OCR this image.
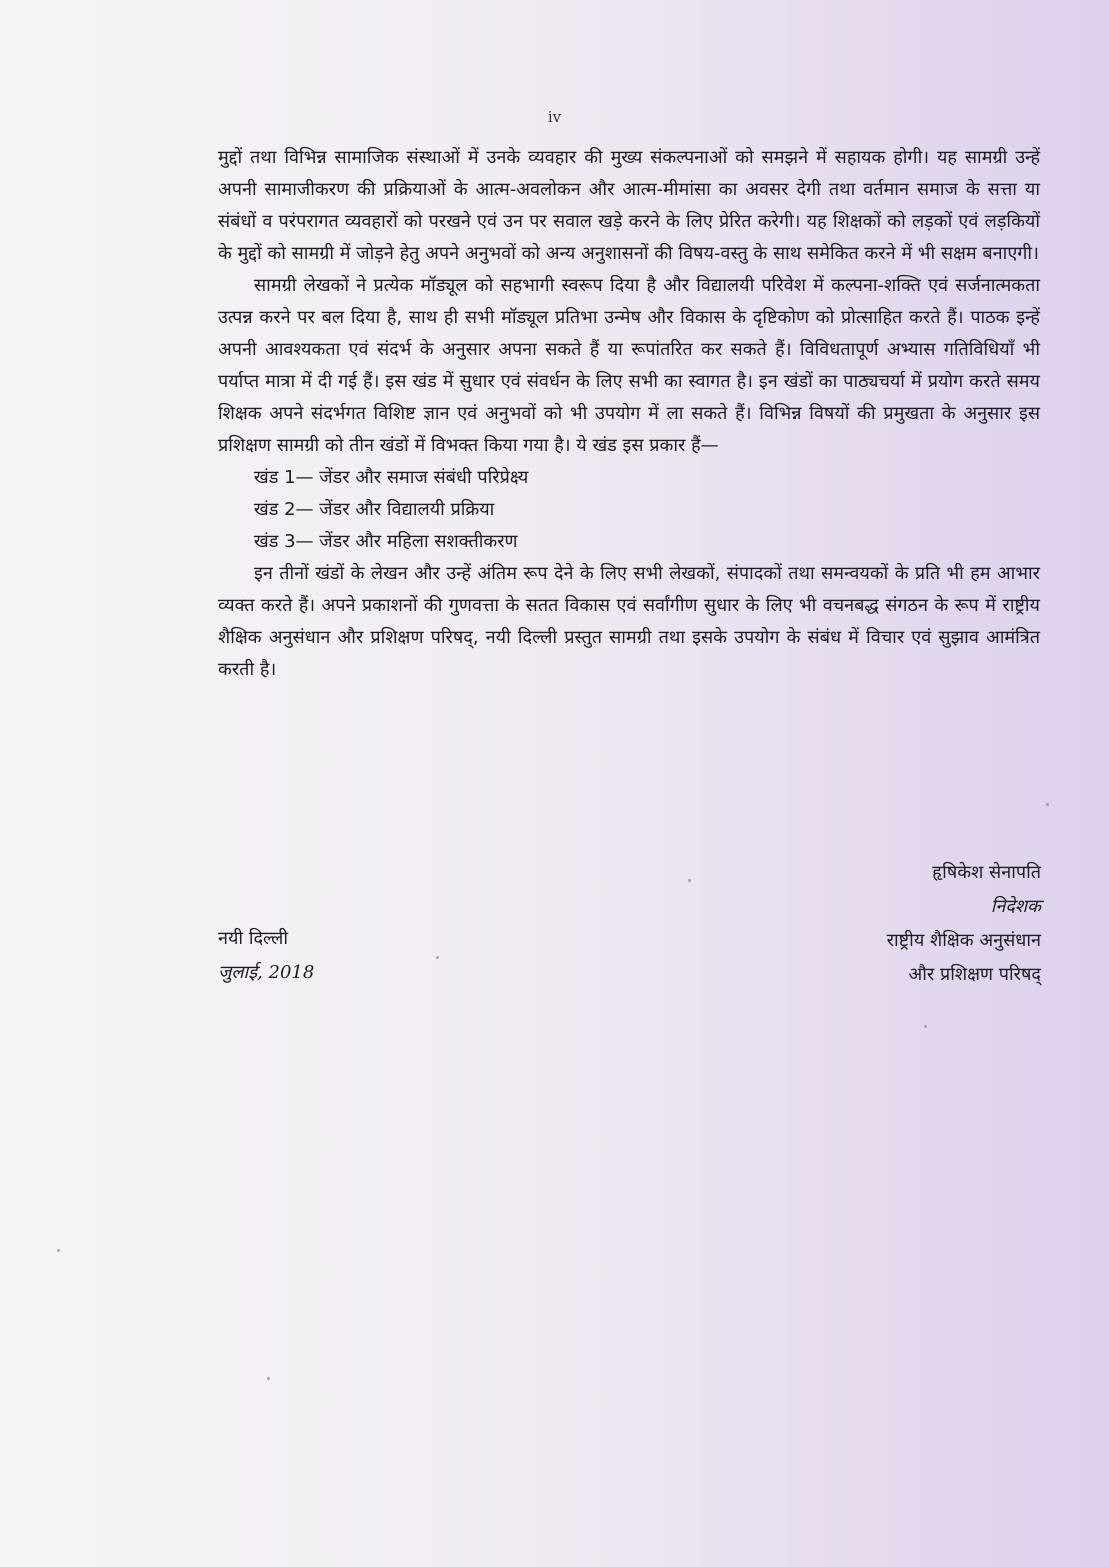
iv

मुद्दों तथा विभिन्न सामाजिक संस्थाओं में उनके व्यवहार की मुख्य संकल्पनाओं को समझने में सहायक होगी। यह सामग्री उन्हें अपनी सामाजीकरण की प्रक्रियाओं के आत्म-अवलोकन और आत्म-मीमांसा का अवसर देगी तथा वर्तमान समाज के सत्ता या संबंधों व परंपरागत व्यवहारों को परखने एवं उन पर सवाल खड़े करने के लिए प्रेरित करेगी। यह शिक्षकों को लड़कों एवं लड़कियों के मुद्दों को सामग्री में जोड़ने हेतु अपने अनुभवों को अन्य अनुशासनों की विषय-वस्तु के साथ समेकित करने में भी सक्षम बनाएगी।

सामग्री लेखकों ने प्रत्येक मॉड्यूल को सहभागी स्वरूप दिया है और विद्यालयी परिवेश में कल्पना-शक्ति एवं सर्जनात्मकता उत्पन्न करने पर बल दिया है, साथ ही सभी मॉड्यूल प्रतिभा उन्मेष और विकास के दृष्टिकोण को प्रोत्साहित करते हैं। पाठक इन्हें अपनी आवश्यकता एवं संदर्भ के अनुसार अपना सकते हैं या रूपांतरित कर सकते हैं। विविधतापूर्ण अभ्यास गतिविधियाँ भी पर्याप्त मात्रा में दी गई हैं। इस खंड में सुधार एवं संवर्धन के लिए सभी का स्वागत है। इन खंडों का पाठ्यचर्या में प्रयोग करते समय शिक्षक अपने संदर्भगत विशिष्ट ज्ञान एवं अनुभवों को भी उपयोग में ला सकते हैं। विभिन्न विषयों की प्रमुखता के अनुसार इस प्रशिक्षण सामग्री को तीन खंडों में विभक्त किया गया है। ये खंड इस प्रकार हैं—

खंड 1— जेंडर और समाज संबंधी परिप्रेक्ष्य
खंड 2— जेंडर और विद्यालयी प्रक्रिया
खंड 3— जेंडर और महिला सशक्तीकरण

इन तीनों खंडों के लेखन और उन्हें अंतिम रूप देने के लिए सभी लेखकों, संपादकों तथा समन्वयकों के प्रति भी हम आभार व्यक्त करते हैं। अपने प्रकाशनों की गुणवत्ता के सतत विकास एवं सर्वांगीण सुधार के लिए भी वचनबद्ध संगठन के रूप में राष्ट्रीय शैक्षिक अनुसंधान और प्रशिक्षण परिषद्, नयी दिल्ली प्रस्तुत सामग्री तथा इसके उपयोग के संबंध में विचार एवं सुझाव आमंत्रित करती है।

हृषिकेश सेनापति
निदेशक
राष्ट्रीय शैक्षिक अनुसंधान
और प्रशिक्षण परिषद्
नयी दिल्ली
जुलाई, 2018
